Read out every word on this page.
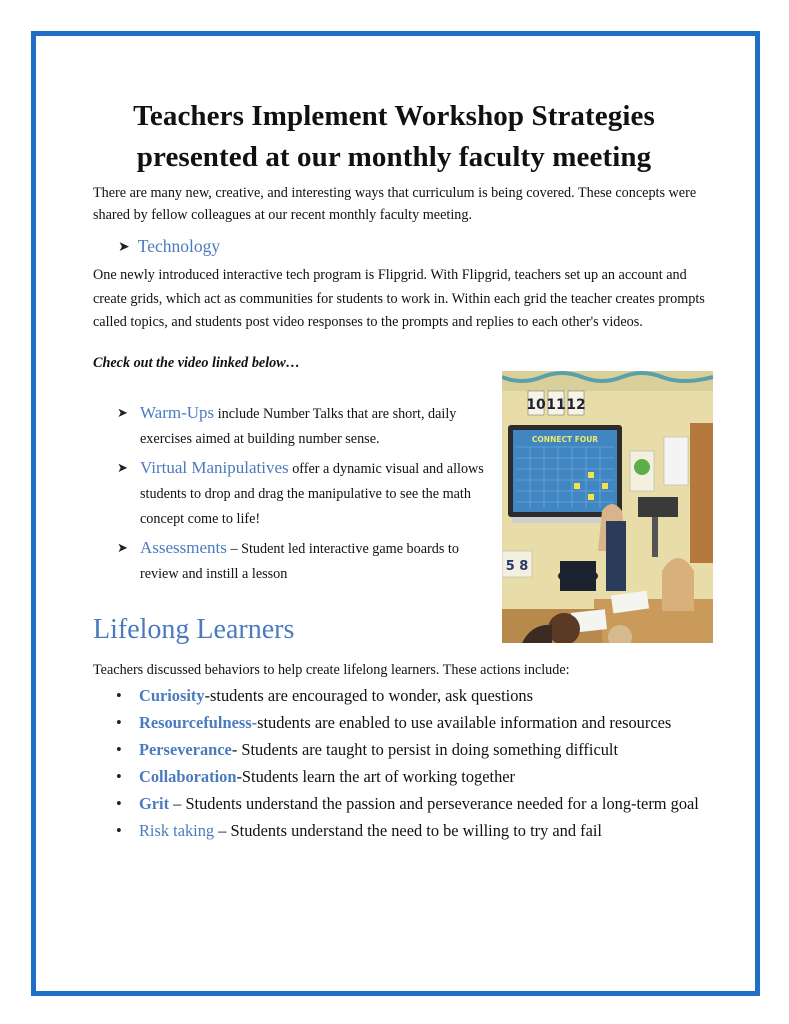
Teachers Implement Workshop Strategies
presented at our monthly faculty meeting

There are many new, creative, and interesting ways that curriculum is being covered. These concepts were shared by fellow colleagues at our recent monthly faculty meeting.

➤ Technology

One newly introduced interactive tech program is Flipgrid. With Flipgrid, teachers set up an account and create grids, which act as communities for students to work in. Within each grid the teacher creates prompts called topics, and students post video responses to the prompts and replies to each other's videos.

Check out the video linked below…

10 11 12
CONNECT FOUR
5 8
➤ Warm-Ups include Number Talks that are short, daily exercises aimed at building number sense.
➤ Virtual Manipulatives offer a dynamic visual and allows students to drop and drag the manipulative to see the math concept come to life!
➤ Assessments – Student led interactive game boards to review and instill a lesson
Lifelong Learners

Teachers discussed behaviors to help create lifelong learners. These actions include:

• Curiosity-students are encouraged to wonder, ask questions
• Resourcefulness-students are enabled to use available information and resources
• Perseverance- Students are taught to persist in doing something difficult
• Collaboration-Students learn the art of working together
• Grit – Students understand the passion and perseverance needed for a long-term goal
• Risk taking – Students understand the need to be willing to try and fail
